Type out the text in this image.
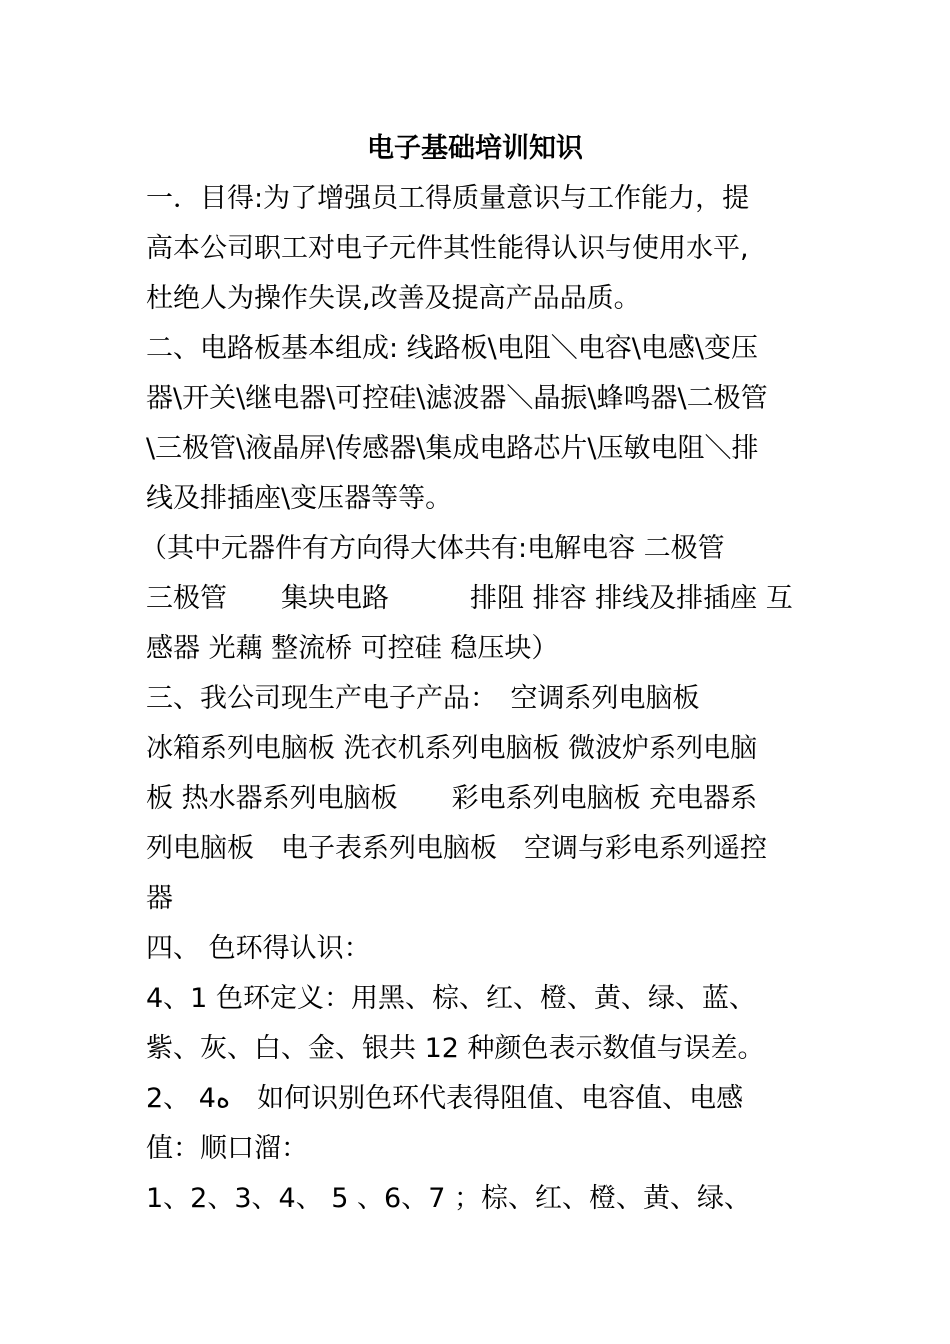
电子基础培训知识
一．目得:为了增强员工得质量意识与工作能力，提
高本公司职工对电子元件其性能得认识与使用水平,
杜绝人为操作失误,改善及提高产品品质。
二、电路板基本组成: 线路板\电阻＼电容\电感\变压
器\开关\继电器\可控硅\滤波器＼晶振\蜂鸣器\二极管
\三极管\液晶屏\传感器\集成电路芯片\压敏电阻＼排
线及排插座\变压器等等。
（其中元器件有方向得大体共有:电解电容 二极管
三极管　　集块电路　　　排阻 排容 排线及排插座 互
感器 光藕 整流桥 可控硅 稳压块）
三、我公司现生产电子产品：　空调系列电脑板
冰箱系列电脑板 洗衣机系列电脑板 微波炉系列电脑
板 热水器系列电脑板　　彩电系列电脑板 充电器系
列电脑板　电子表系列电脑板　空调与彩电系列遥控
器
四、 色环得认识：
4、1 色环定义：用黑、棕、红、橙、黄、绿、蓝、
紫、灰、白、金、银共 12 种颜色表示数值与误差。
2、 4ﻩ　如何识别色环代表得阻值、电容值、电感
值：顺口溜：
1、2、3、4、 5 、6、7 ；棕、红、橙、黄、绿、
